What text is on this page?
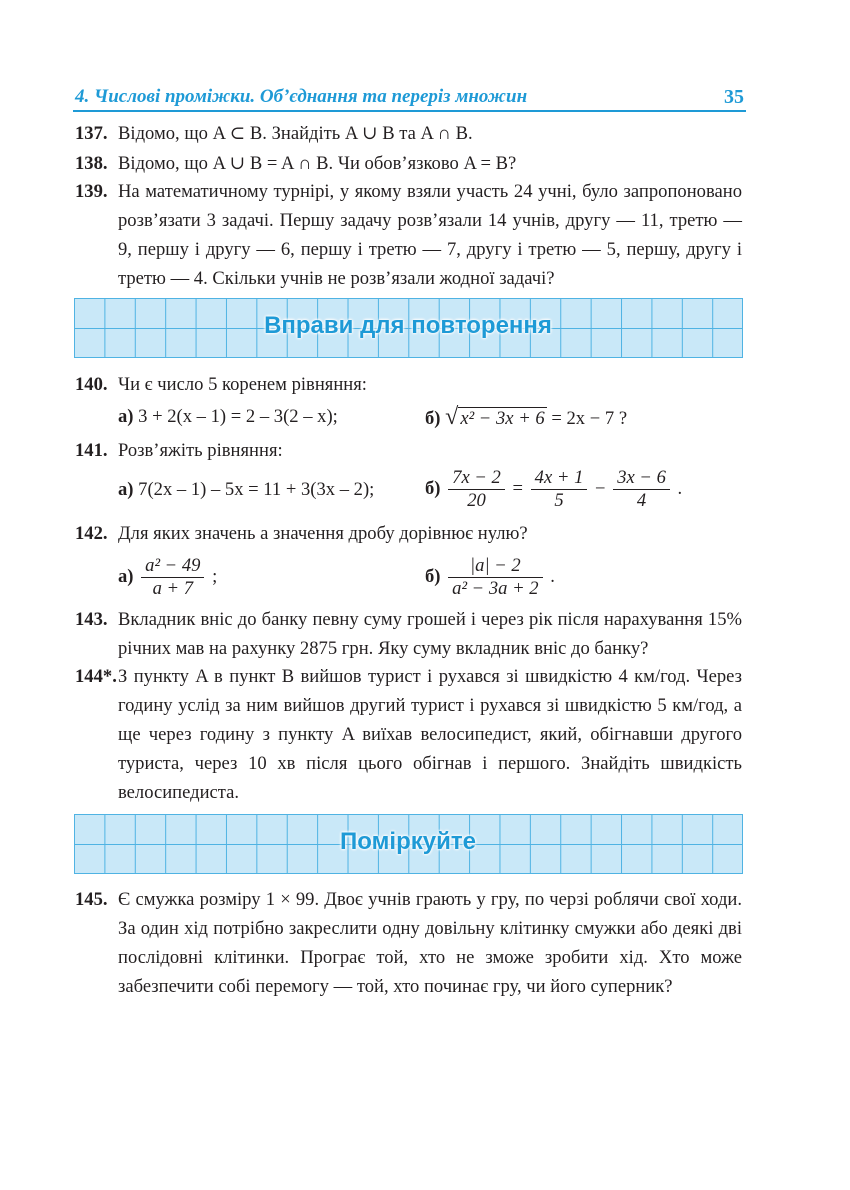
4. Числові проміжки. Об’єднання та переріз множин	35
137. Відомо, що A ⊂ B. Знайдіть A ∪ B та A ∩ B.
138. Відомо, що A ∪ B = A ∩ B. Чи обов’язково A = B?
139. На математичному турнірі, у якому взяли участь 24 учні, було запропоновано розв’язати 3 задачі. Першу задачу розв’язали 14 учнів, другу — 11, третю — 9, першу і другу — 6, першу і третю — 7, другу і третю — 5, першу, другу і третю — 4. Скільки учнів не розв’язали жодної задачі?
Вправи для повторення
140. Чи є число 5 коренем рівняння:
а) 3 + 2(x – 1) = 2 – 3(2 – x);	б) √ x² − 3x + 6 = 2x − 7 ?
141. Розв’яжіть рівняння:
а) 7(2x – 1) – 5x = 11 + 3(3x – 2);	$б) \frac{7x - 2}{20} = \frac{4x + 1}{5} - \frac{3x - 6}{4}$ .
142. Для яких значень a значення дробу дорівнює нулю?
$а) \frac{\text{a² − 49}}{a + 7}$ ;	$б) \frac{|a| - 2}{\text{a² − 3a + 2}}$ .
143. Вкладник вніс до банку певну суму грошей і через рік після нарахування 15% річних мав на рахунку 2875 грн. Яку суму вкладник вніс до банку?
144*. З пункту A в пункт B вийшов турист і рухався зі швидкістю 4 км/год. Через годину услід за ним вийшов другий турист і рухався зі швидкістю 5 км/год, а ще через годину з пункту A виїхав велосипедист, який, обігнавши другого туриста, через 10 хв після цього обігнав і першого. Знайдіть швидкість велосипедиста.
Поміркуйте
145. Є смужка розміру 1 × 99. Двоє учнів грають у гру, по черзі роблячи свої ходи. За один хід потрібно закреслити одну довільну клітинку смужки або деякі дві послідовні клітинки. Програє той, хто не зможе зробити хід. Хто може забезпечити собі перемогу — той, хто починає гру, чи його суперник?
